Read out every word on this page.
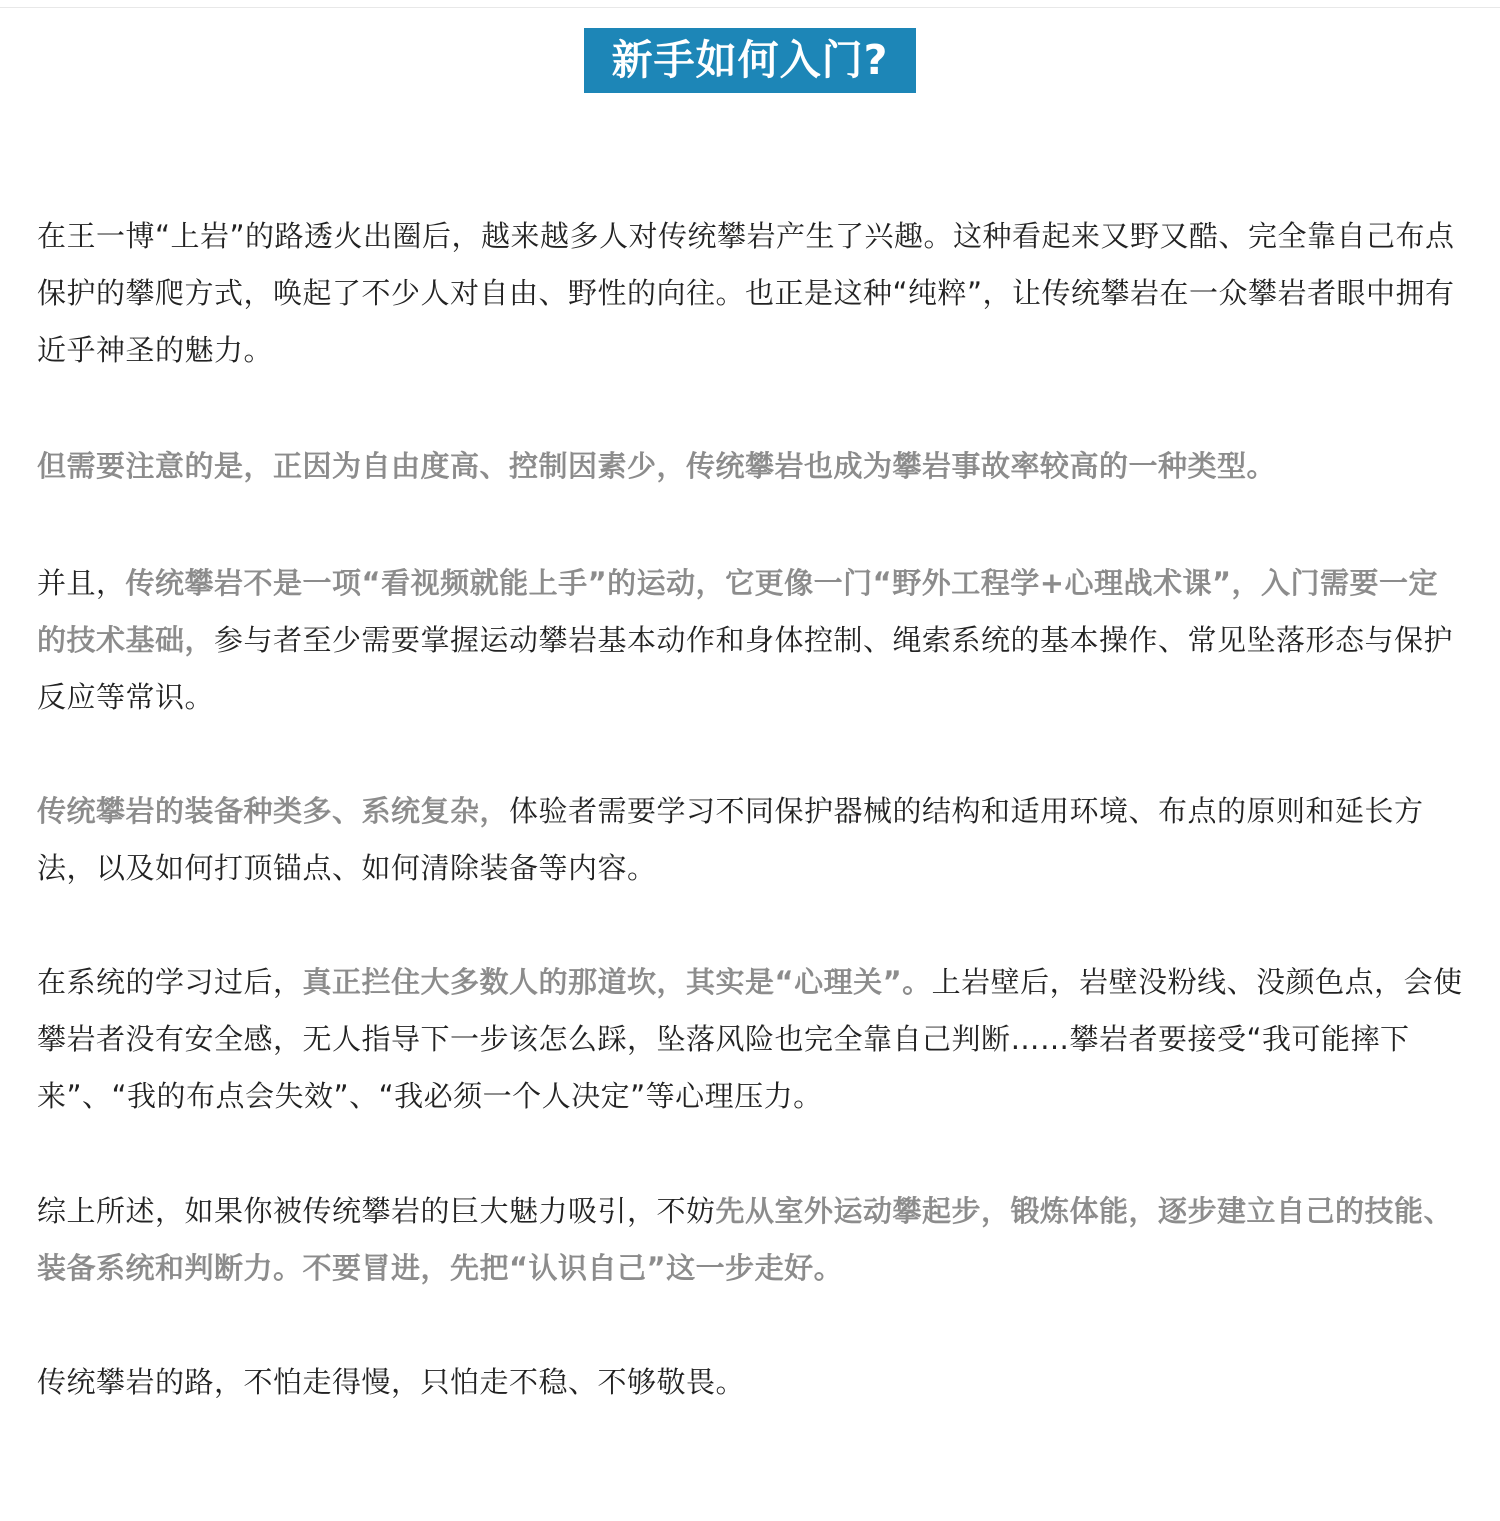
新手如何入门?

在王一博“上岩”的路透火出圈后，越来越多人对传统攀岩产生了兴趣。这种看起来又野又酷、完全靠自己布点保护的攀爬方式，唤起了不少人对自由、野性的向往。也正是这种“纯粹”，让传统攀岩在一众攀岩者眼中拥有近乎神圣的魅力。

但需要注意的是，正因为自由度高、控制因素少，传统攀岩也成为攀岩事故率较高的一种类型。

并且，传统攀岩不是一项“看视频就能上手”的运动，它更像一门“野外工程学+心理战术课”，入门需要一定的技术基础，参与者至少需要掌握运动攀岩基本动作和身体控制、绳索系统的基本操作、常见坠落形态与保护反应等常识。

传统攀岩的装备种类多、系统复杂，体验者需要学习不同保护器械的结构和适用环境、布点的原则和延长方法，以及如何打顶锚点、如何清除装备等内容。

在系统的学习过后，真正拦住大多数人的那道坎，其实是“心理关”。上岩壁后，岩壁没粉线、没颜色点，会使攀岩者没有安全感，无人指导下一步该怎么踩，坠落风险也完全靠自己判断……攀岩者要接受“我可能摔下来”、“我的布点会失效”、“我必须一个人决定”等心理压力。

综上所述，如果你被传统攀岩的巨大魅力吸引，不妨先从室外运动攀起步，锻炼体能，逐步建立自己的技能、装备系统和判断力。不要冒进，先把“认识自己”这一步走好。

传统攀岩的路，不怕走得慢，只怕走不稳、不够敬畏。
